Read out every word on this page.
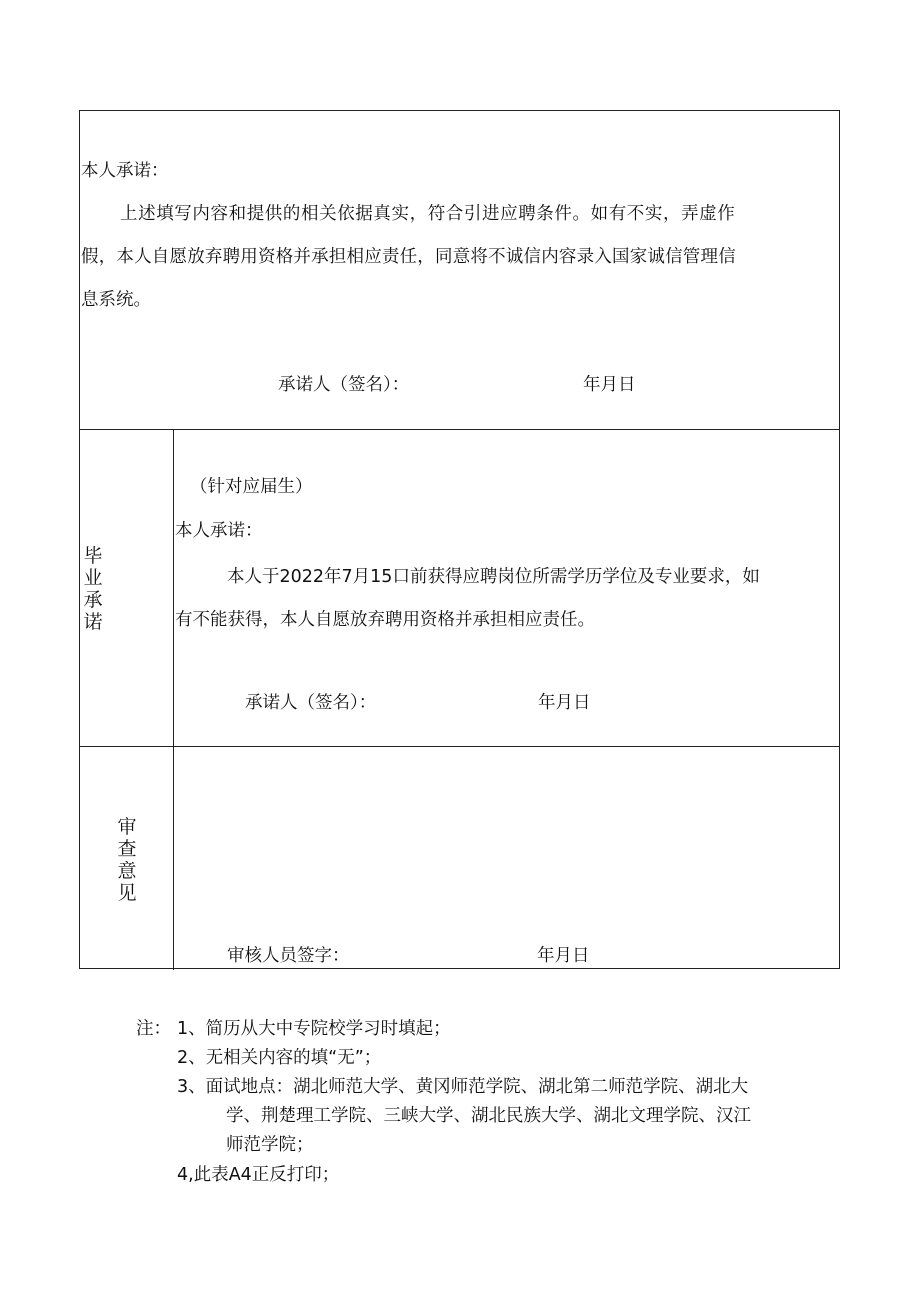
本人承诺：
上述填写内容和提供的相关依据真实，符合引进应聘条件。如有不实，弄虚作
假，本人自愿放弃聘用资格并承担相应责任，同意将不诚信内容录入国家诚信管理信
息系统。
承诺人（签名）：	年月日
毕业承诺
（针对应届生）
本人承诺：
本人于2022年7月15口前获得应聘岗位所需学历学位及专业要求，如
有不能获得，本人自愿放弃聘用资格并承担相应责任。
承诺人（签名）：	年月日
审查意见
审核人员签字：	年月日
注： 1、简历从大中专院校学习时填起；
2、无相关内容的填“无”；
3、面试地点：湖北师范大学、黄冈师范学院、湖北第二师范学院、湖北大
学、荆楚理工学院、三峡大学、湖北民族大学、湖北文理学院、汉江
师范学院；
4,此表A4正反打印；
